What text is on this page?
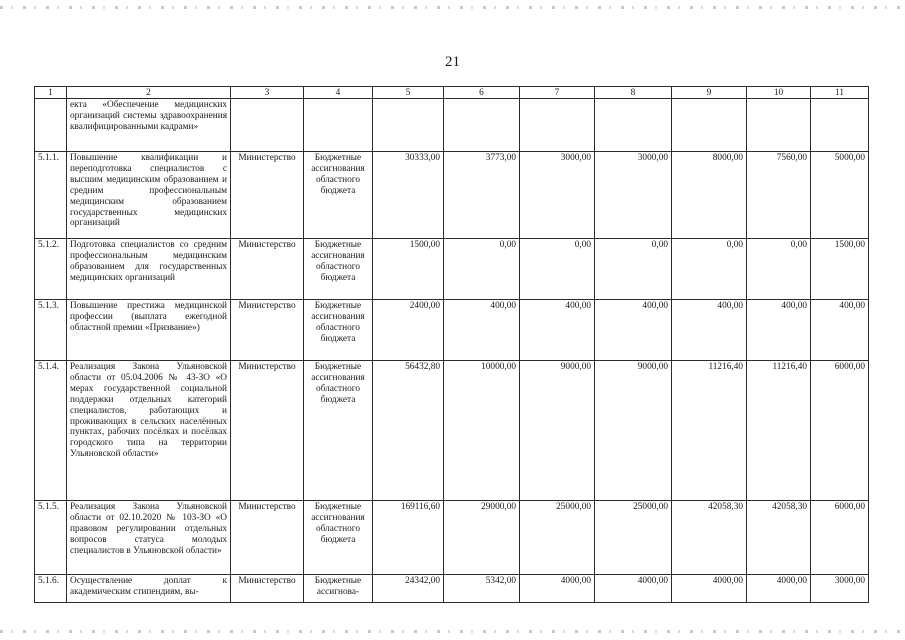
21
1	2	3	4	5	6	7	8	9	10	11
	екта «Обеспечение медицинских организаций системы здравоохранения квалифицированными кадрами»									
5.1.1.	Повышение квалификации и переподготовка специалистов с высшим медицинским образованием и средним профессиональным медицинским образованием государственных медицинских организаций	Министерство	Бюджетные ассигнования областного бюджета	30333,00	3773,00	3000,00	3000,00	8000,00	7560,00	5000,00
5.1.2.	Подготовка специалистов со средним профессиональным медицинским образованием для государственных медицинских организаций	Министерство	Бюджетные ассигнования областного бюджета	1500,00	0,00	0,00	0,00	0,00	0,00	1500,00
5.1.3.	Повышение престижа медицинской профессии (выплата ежегодной областной премии «Призвание»)	Министерство	Бюджетные ассигнования областного бюджета	2400,00	400,00	400,00	400,00	400,00	400,00	400,00
5.1.4.	Реализация Закона Ульяновской области от 05.04.2006 № 43-ЗО «О мерах государственной социальной поддержки отдельных категорий специалистов, работающих и проживающих в сельских населённых пунктах, рабочих посёлках и посёлках городского типа на территории Ульяновской области»	Министерство	Бюджетные ассигнования областного бюджета	56432,80	10000,00	9000,00	9000,00	11216,40	11216,40	6000,00
5.1.5.	Реализация Закона Ульяновской области от 02.10.2020 № 103-ЗО «О правовом регулировании отдельных вопросов статуса молодых специалистов в Ульяновской области»	Министерство	Бюджетные ассигнования областного бюджета	169116,60	29000,00	25000,00	25000,00	42058,30	42058,30	6000,00
5.1.6.	Осуществление доплат к академическим стипендиям, вы-	Министерство	Бюджетные ассигнова-	24342,00	5342,00	4000,00	4000,00	4000,00	4000,00	3000,00
